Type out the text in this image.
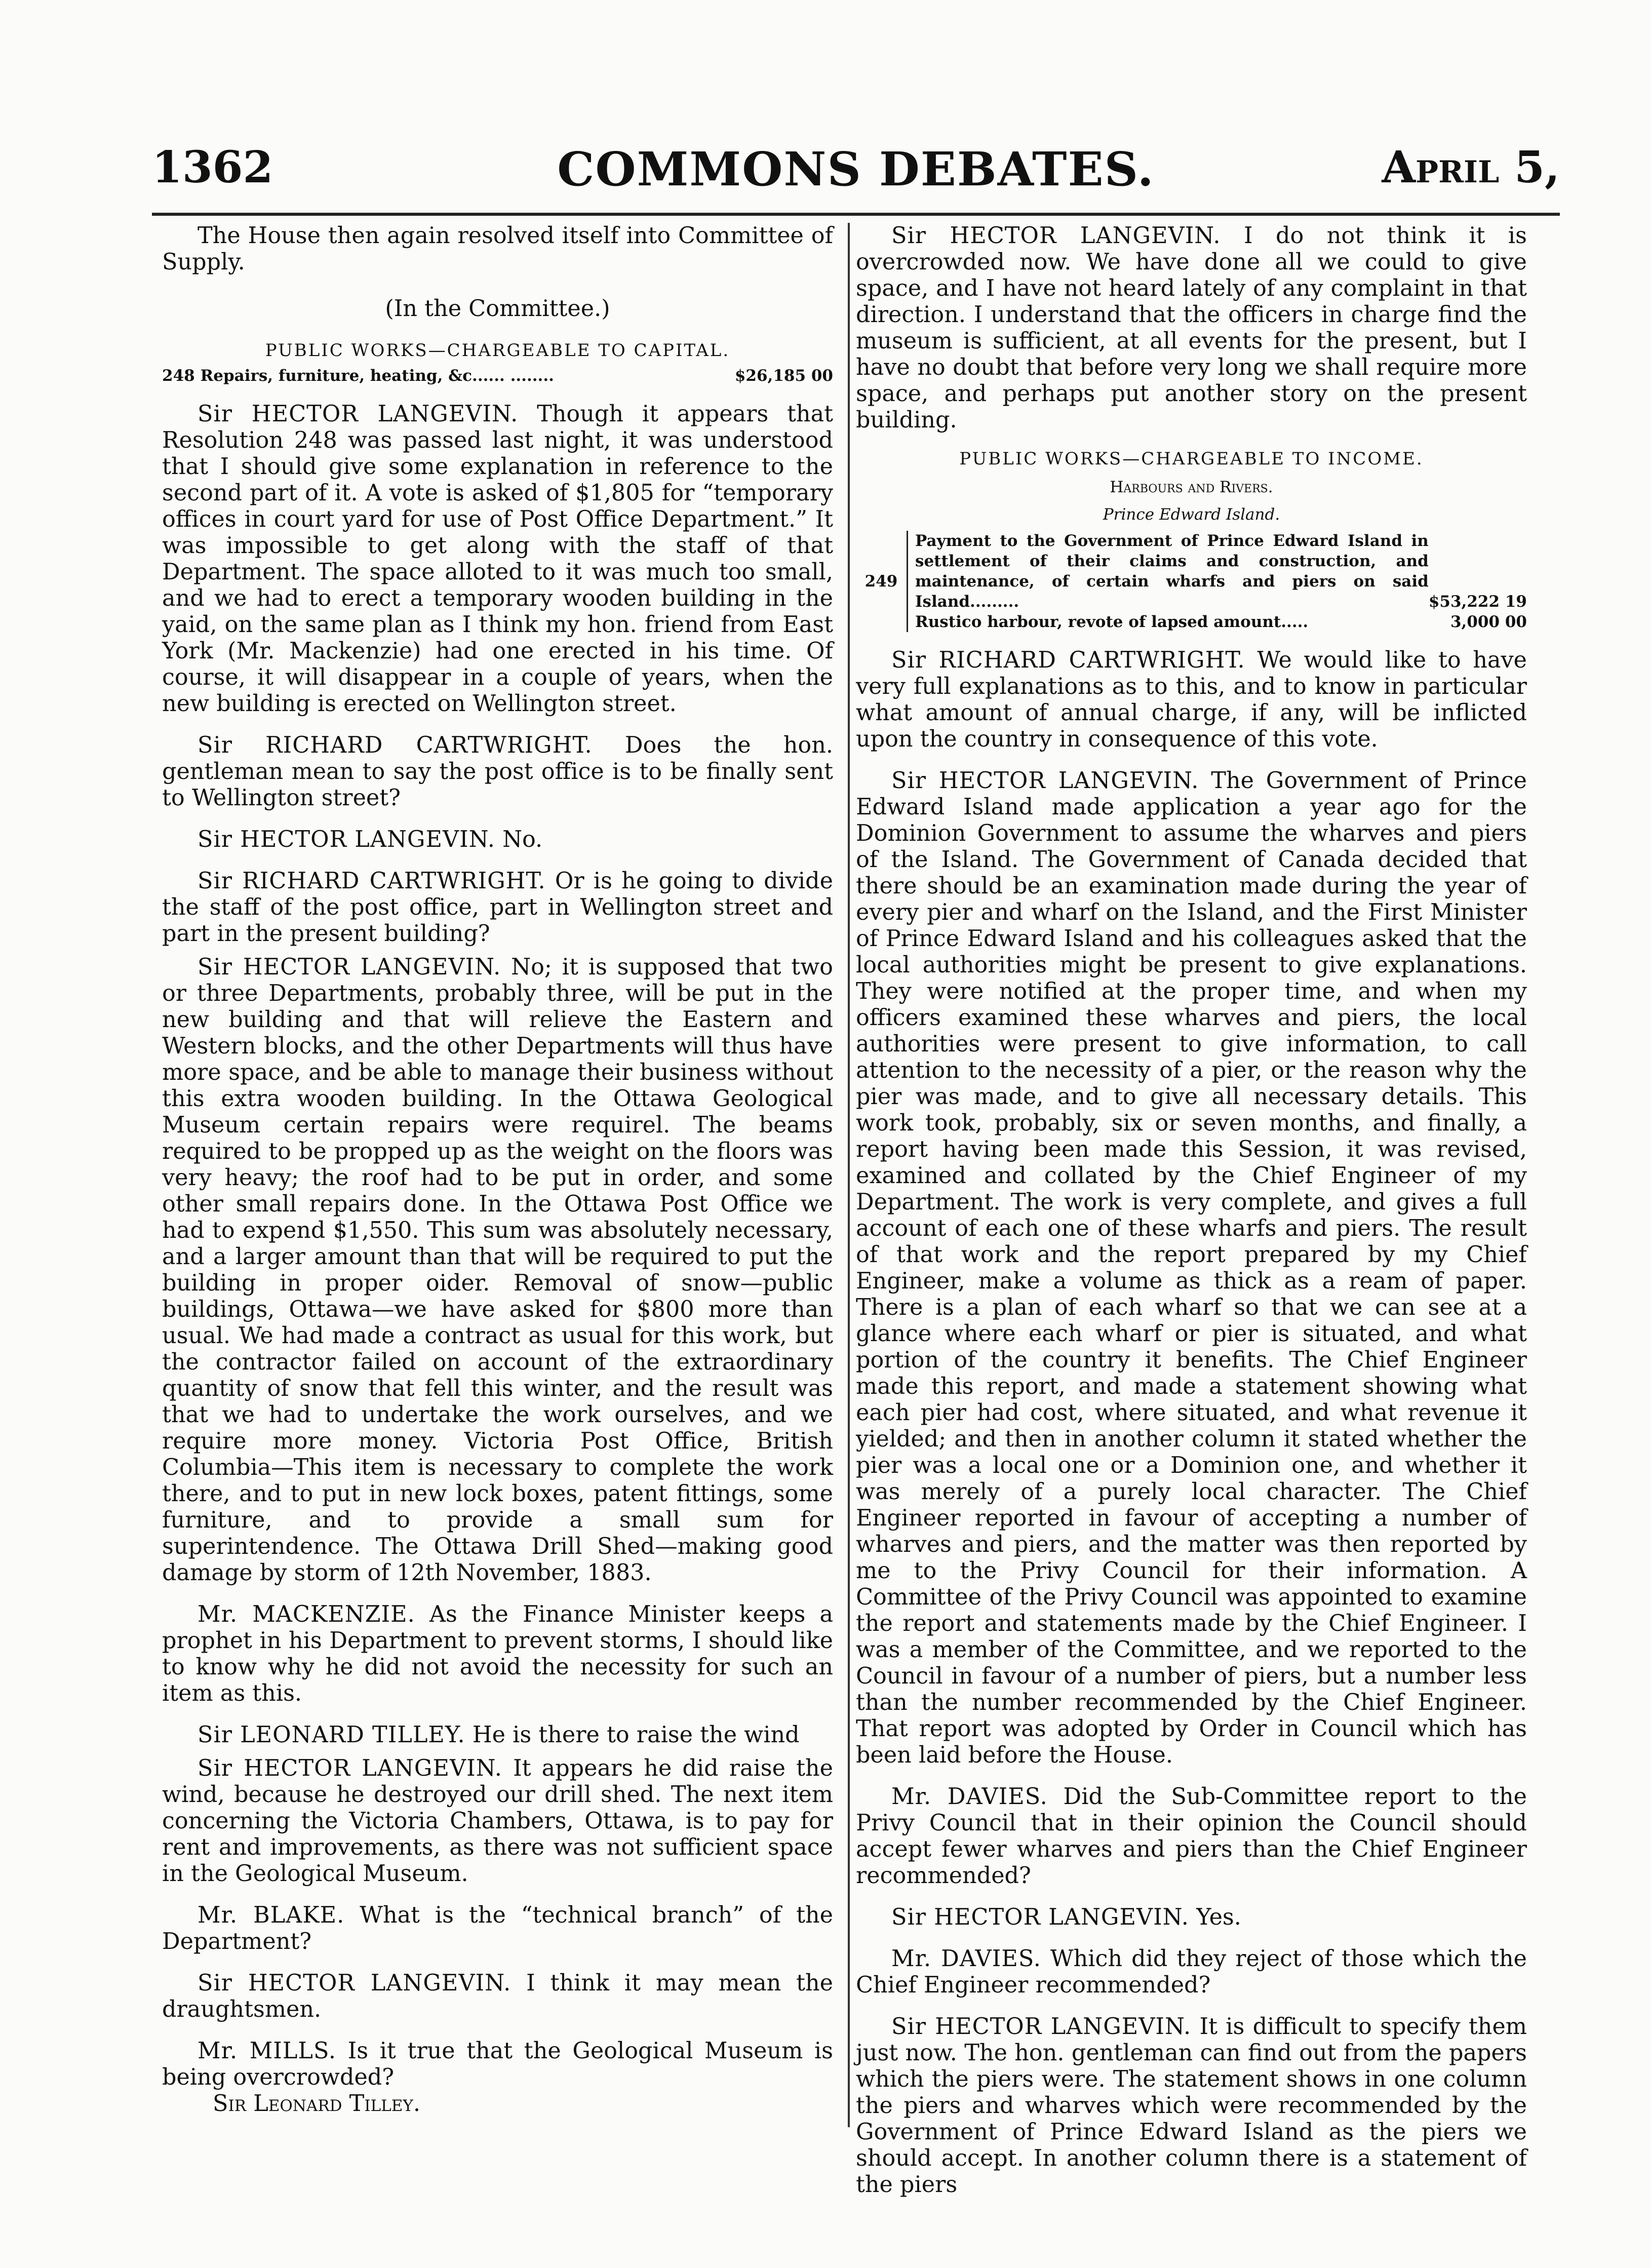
1362	COMMONS DEBATES.	April 5,

The House then again resolved itself into Committee of Supply.

(In the Committee.)

PUBLIC WORKS—CHARGEABLE TO CAPITAL.

248 Repairs, furniture, heating, &c...... ........	$26,185 00

Sir HECTOR LANGEVIN. Though it appears that Resolution 248 was passed last night, it was understood that I should give some explanation in reference to the second part of it. A vote is asked of $1,805 for “temporary offices in court yard for use of Post Office Department.” It was impossible to get along with the staff of that Department. The space alloted to it was much too small, and we had to erect a temporary wooden building in the yaid, on the same plan as I think my hon. friend from East York (Mr. Mackenzie) had one erected in his time. Of course, it will disappear in a couple of years, when the new building is erected on Wellington street.

Sir RICHARD CARTWRIGHT. Does the hon. gentleman mean to say the post office is to be finally sent to Wellington street?

Sir HECTOR LANGEVIN. No.

Sir RICHARD CARTWRIGHT. Or is he going to divide the staff of the post office, part in Wellington street and part in the present building?

Sir HECTOR LANGEVIN. No; it is supposed that two or three Departments, probably three, will be put in the new building and that will relieve the Eastern and Western blocks, and the other Departments will thus have more space, and be able to manage their business without this extra wooden building. In the Ottawa Geological Museum certain repairs were requirel. The beams required to be propped up as the weight on the floors was very heavy; the roof had to be put in order, and some other small repairs done. In the Ottawa Post Office we had to expend $1,550. This sum was absolutely necessary, and a larger amount than that will be required to put the building in proper oider. Removal of snow—public buildings, Ottawa—we have asked for $800 more than usual. We had made a contract as usual for this work, but the contractor failed on account of the extraordinary quantity of snow that fell this winter, and the result was that we had to undertake the work ourselves, and we require more money. Victoria Post Office, British Columbia—This item is necessary to complete the work there, and to put in new lock boxes, patent fittings, some furniture, and to provide a small sum for superintendence. The Ottawa Drill Shed—making good damage by storm of 12th November, 1883.

Mr. MACKENZIE. As the Finance Minister keeps a prophet in his Department to prevent storms, I should like to know why he did not avoid the necessity for such an item as this.

Sir LEONARD TILLEY. He is there to raise the wind

Sir HECTOR LANGEVIN. It appears he did raise the wind, because he destroyed our drill shed. The next item concerning the Victoria Chambers, Ottawa, is to pay for rent and improvements, as there was not sufficient space in the Geological Museum.

Mr. BLAKE. What is the “technical branch” of the Department?

Sir HECTOR LANGEVIN. I think it may mean the draughtsmen.

Mr. MILLS. Is it true that the Geological Museum is being overcrowded?

Sir Leonard Tilley.

Sir HECTOR LANGEVIN. I do not think it is overcrowded now. We have done all we could to give space, and I have not heard lately of any complaint in that direction. I understand that the officers in charge find the museum is sufficient, at all events for the present, but I have no doubt that before very long we shall require more space, and perhaps put another story on the present building.

PUBLIC WORKS—CHARGEABLE TO INCOME.

Harbours and Rivers.

Prince Edward Island.

249	Payment to the Government of Prince Edward Island in settlement of their claims and construction, and maintenance, of certain wharfs and piers on said Island.........	$53,222 19
	Rustico harbour, revote of lapsed amount.....	3,000 00

Sir RICHARD CARTWRIGHT. We would like to have very full explanations as to this, and to know in particular what amount of annual charge, if any, will be inflicted upon the country in consequence of this vote.

Sir HECTOR LANGEVIN. The Government of Prince Edward Island made application a year ago for the Dominion Government to assume the wharves and piers of the Island. The Government of Canada decided that there should be an examination made during the year of every pier and wharf on the Island, and the First Minister of Prince Edward Island and his colleagues asked that the local authorities might be present to give explanations. They were notified at the proper time, and when my officers examined these wharves and piers, the local authorities were present to give information, to call attention to the necessity of a pier, or the reason why the pier was made, and to give all necessary details. This work took, probably, six or seven months, and finally, a report having been made this Session, it was revised, examined and collated by the Chief Engineer of my Department. The work is very complete, and gives a full account of each one of these wharfs and piers. The result of that work and the report prepared by my Chief Engineer, make a volume as thick as a ream of paper. There is a plan of each wharf so that we can see at a glance where each wharf or pier is situated, and what portion of the country it benefits. The Chief Engineer made this report, and made a statement showing what each pier had cost, where situated, and what revenue it yielded; and then in another column it stated whether the pier was a local one or a Dominion one, and whether it was merely of a purely local character. The Chief Engineer reported in favour of accepting a number of wharves and piers, and the matter was then reported by me to the Privy Council for their information. A Committee of the Privy Council was appointed to examine the report and statements made by the Chief Engineer. I was a member of the Committee, and we reported to the Council in favour of a number of piers, but a number less than the number recommended by the Chief Engineer. That report was adopted by Order in Council which has been laid before the House.

Mr. DAVIES. Did the Sub-Committee report to the Privy Council that in their opinion the Council should accept fewer wharves and piers than the Chief Engineer recommended?

Sir HECTOR LANGEVIN. Yes.

Mr. DAVIES. Which did they reject of those which the Chief Engineer recommended?

Sir HECTOR LANGEVIN. It is difficult to specify them just now. The hon. gentleman can find out from the papers which the piers were. The statement shows in one column the piers and wharves which were recommended by the Government of Prince Edward Island as the piers we should accept. In another column there is a statement of the piers
